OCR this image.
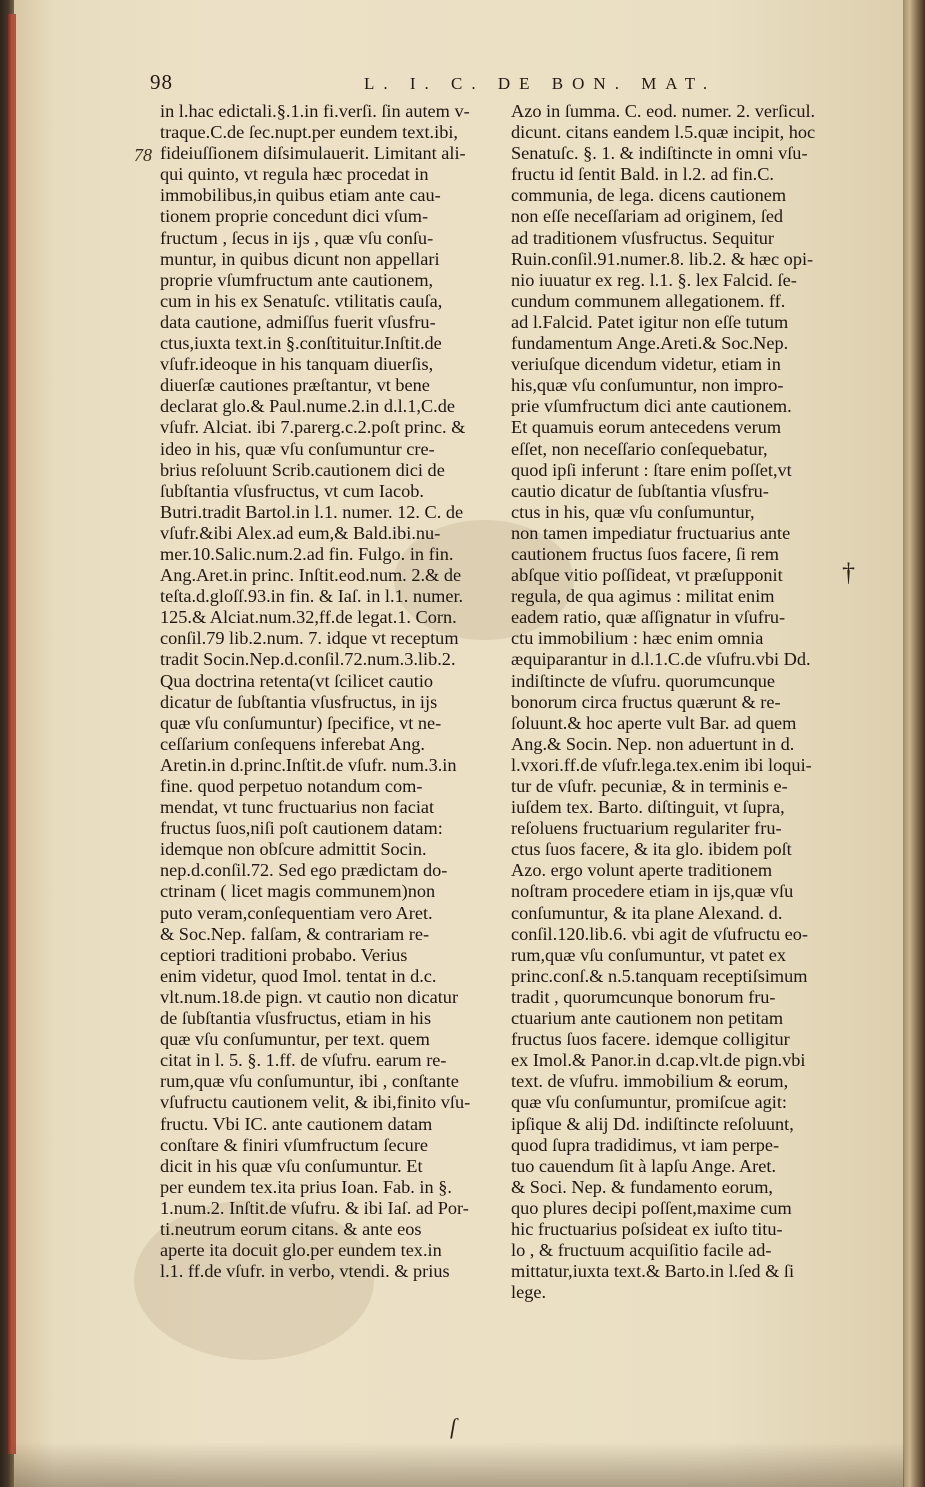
98	L. I. C. DE BON. MAT.
78
in l.hac edictali.§.1.in fi.verſi. ſin autem v-
traque.C.de ſec.nupt.per eundem text.ibi,
fideiuſſionem diſsimulauerit. Limitant ali-
qui quinto, vt regula hæc procedat in
immobilibus,in quibus etiam ante cau-
tionem proprie concedunt dici vſum-
fructum , ſecus in ijs , quæ vſu conſu-
muntur, in quibus dicunt non appellari
proprie vſumfructum ante cautionem,
cum in his ex Senatuſc. vtilitatis cauſa,
data cautione, admiſſus fuerit vſusfru-
ctus,iuxta text.in §.conſtituitur.Inſtit.de
vſufr.ideoque in his tanquam diuerſis,
diuerſæ cautiones præſtantur, vt bene
declarat glo.& Paul.nume.2.in d.l.1,C.de
vſufr. Alciat. ibi 7.parerg.c.2.poſt princ. &
ideo in his, quæ vſu conſumuntur cre-
brius reſoluunt Scrib.cautionem dici de
ſubſtantia vſusfructus, vt cum Iacob.
Butri.tradit Bartol.in l.1. numer. 12. C. de
vſufr.&ibi Alex.ad eum,& Bald.ibi.nu-
mer.10.Salic.num.2.ad fin. Fulgo. in fin.
Ang.Aret.in princ. Inſtit.eod.num. 2.& de
teſta.d.gloſſ.93.in fin. & Iaſ. in l.1. numer.
125.& Alciat.num.32,ff.de legat.1. Corn.
conſil.79 lib.2.num. 7. idque vt receptum
tradit Socin.Nep.d.conſil.72.num.3.lib.2.
Qua doctrina retenta(vt ſcilicet cautio
dicatur de ſubſtantia vſusfructus, in ijs
quæ vſu conſumuntur) ſpecifice, vt ne-
ceſſarium conſequens inferebat Ang.
Aretin.in d.princ.Inſtit.de vſufr. num.3.in
fine. quod perpetuo notandum com-
mendat, vt tunc fructuarius non faciat
fructus ſuos,niſi poſt cautionem datam:
idemque non obſcure admittit Socin.
nep.d.conſil.72. Sed ego prædictam do-
ctrinam ( licet magis communem)non
puto veram,conſequentiam vero Aret.
& Soc.Nep. falſam, & contrariam re-
ceptiori traditioni probabo. Verius
enim videtur, quod Imol. tentat in d.c.
vlt.num.18.de pign. vt cautio non dicatur
de ſubſtantia vſusfructus, etiam in his
quæ vſu conſumuntur, per text. quem
citat in l. 5. §. 1.ff. de vſufru. earum re-
rum,quæ vſu conſumuntur, ibi , conſtante
vſufructu cautionem velit, & ibi,finito vſu-
fructu. Vbi IC. ante cautionem datam
conſtare & finiri vſumfructum ſecure
dicit in his quæ vſu conſumuntur. Et
per eundem tex.ita prius Ioan. Fab. in §.
1.num.2. Inſtit.de vſufru. & ibi Iaſ. ad Por-
ti.neutrum eorum citans. & ante eos
aperte ita docuit glo.per eundem tex.in
l.1. ff.de vſufr. in verbo, vtendi. & prius
Azo in ſumma. C. eod. numer. 2. verſicul.
dicunt. citans eandem l.5.quæ incipit, hoc
Senatuſc. §. 1. & indiſtincte in omni vſu-
fructu id ſentit Bald. in l.2. ad fin.C.
communia, de lega. dicens cautionem
non eſſe neceſſariam ad originem, ſed
ad traditionem vſusfructus. Sequitur
Ruin.conſil.91.numer.8. lib.2. & hæc opi-
nio iuuatur ex reg. l.1. §. lex Falcid. ſe-
cundum communem allegationem. ff.
ad l.Falcid. Patet igitur non eſſe tutum
fundamentum Ange.Areti.& Soc.Nep.
veriuſque dicendum videtur, etiam in
his,quæ vſu conſumuntur, non impro-
prie vſumfructum dici ante cautionem.
Et quamuis eorum antecedens verum
eſſet, non neceſſario conſequebatur,
quod ipſi inferunt : ſtare enim poſſet,vt
cautio dicatur de ſubſtantia vſusfru-
ctus in his, quæ vſu conſumuntur,
non tamen impediatur fructuarius ante
cautionem fructus ſuos facere, ſi rem
abſque vitio poſſideat, vt præſupponit
regula, de qua agimus : militat enim
eadem ratio, quæ aſſignatur in vſufru-
ctu immobilium : hæc enim omnia
æquiparantur in d.l.1.C.de vſufru.vbi Dd.
indiſtincte de vſufru. quorumcunque
bonorum circa fructus quærunt & re-
ſoluunt.& hoc aperte vult Bar. ad quem
Ang.& Socin. Nep. non aduertunt in d.
l.vxori.ff.de vſufr.lega.tex.enim ibi loqui-
tur de vſufr. pecuniæ, & in terminis e-
iuſdem tex. Barto. diſtinguit, vt ſupra,
reſoluens fructuarium regulariter fru-
ctus ſuos facere, & ita glo. ibidem poſt
Azo. ergo volunt aperte traditionem
noſtram procedere etiam in ijs,quæ vſu
conſumuntur, & ita plane Alexand. d.
conſil.120.lib.6. vbi agit de vſufructu eo-
rum,quæ vſu conſumuntur, vt patet ex
princ.conſ.& n.5.tanquam receptiſsimum
tradit , quorumcunque bonorum fru-
ctuarium ante cautionem non petitam
fructus ſuos facere. idemque colligitur
ex Imol.& Panor.in d.cap.vlt.de pign.vbi
text. de vſufru. immobilium & eorum,
quæ vſu conſumuntur, promiſcue agit:
ipſique & alij Dd. indiſtincte reſoluunt,
quod ſupra tradidimus, vt iam perpe-
tuo cauendum ſit à lapſu Ange. Aret.
& Soci. Nep. & fundamento eorum,
quo plures decipi poſſent,maxime cum
hic fructuarius poſsideat ex iuſto titu-
lo , & fructuum acquiſitio facile ad-
mittatur,iuxta text.& Barto.in l.ſed & ſi
lege.
†
ſ
